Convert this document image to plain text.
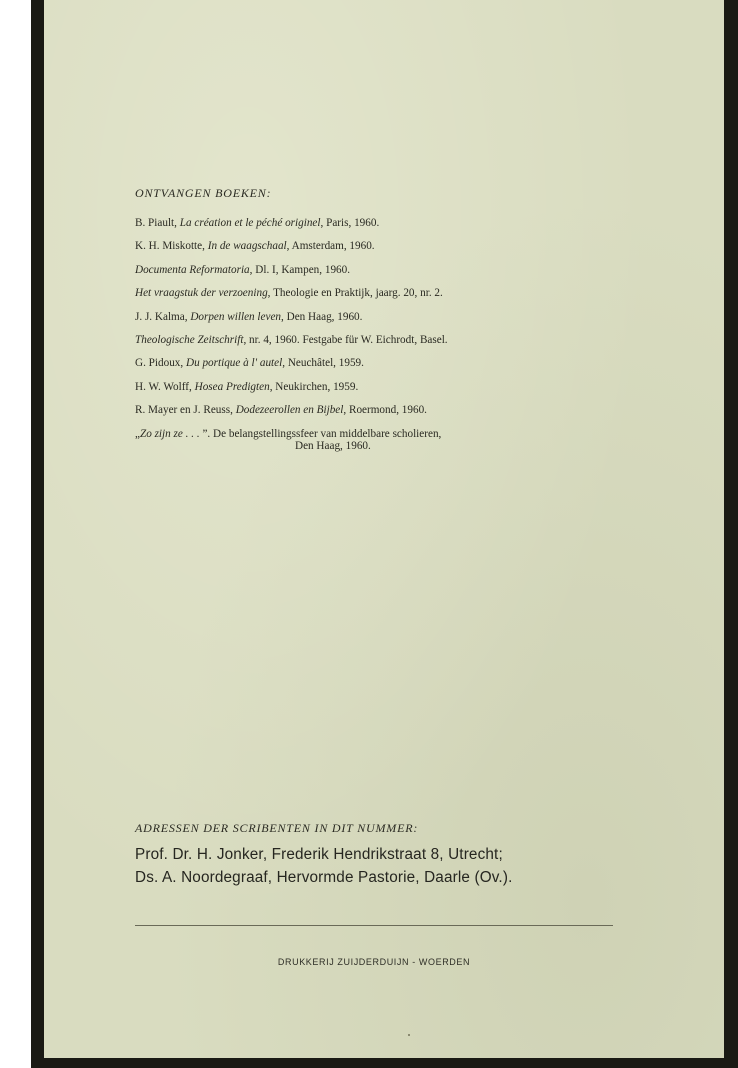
ONTVANGEN BOEKEN:
B. Piault, La création et le péché originel, Paris, 1960.
K. H. Miskotte, In de waagschaal, Amsterdam, 1960.
Documenta Reformatoria, Dl. I, Kampen, 1960.
Het vraagstuk der verzoening, Theologie en Praktijk, jaarg. 20, nr. 2.
J. J. Kalma, Dorpen willen leven, Den Haag, 1960.
Theologische Zeitschrift, nr. 4, 1960. Festgabe für W. Eichrodt, Basel.
G. Pidoux, Du portique à l' autel, Neuchâtel, 1959.
H. W. Wolff, Hosea Predigten, Neukirchen, 1959.
R. Mayer en J. Reuss, Dodezeerollen en Bijbel, Roermond, 1960.
„Zo zijn ze . . . ”. De belangstellingssfeer van middelbare scholieren,
Den Haag, 1960.
ADRESSEN DER SCRIBENTEN IN DIT NUMMER:
Prof. Dr. H. Jonker, Frederik Hendrikstraat 8, Utrecht;
Ds. A. Noordegraaf, Hervormde Pastorie, Daarle (Ov.).
DRUKKERIJ ZUIJDERDUIJN - WOERDEN
